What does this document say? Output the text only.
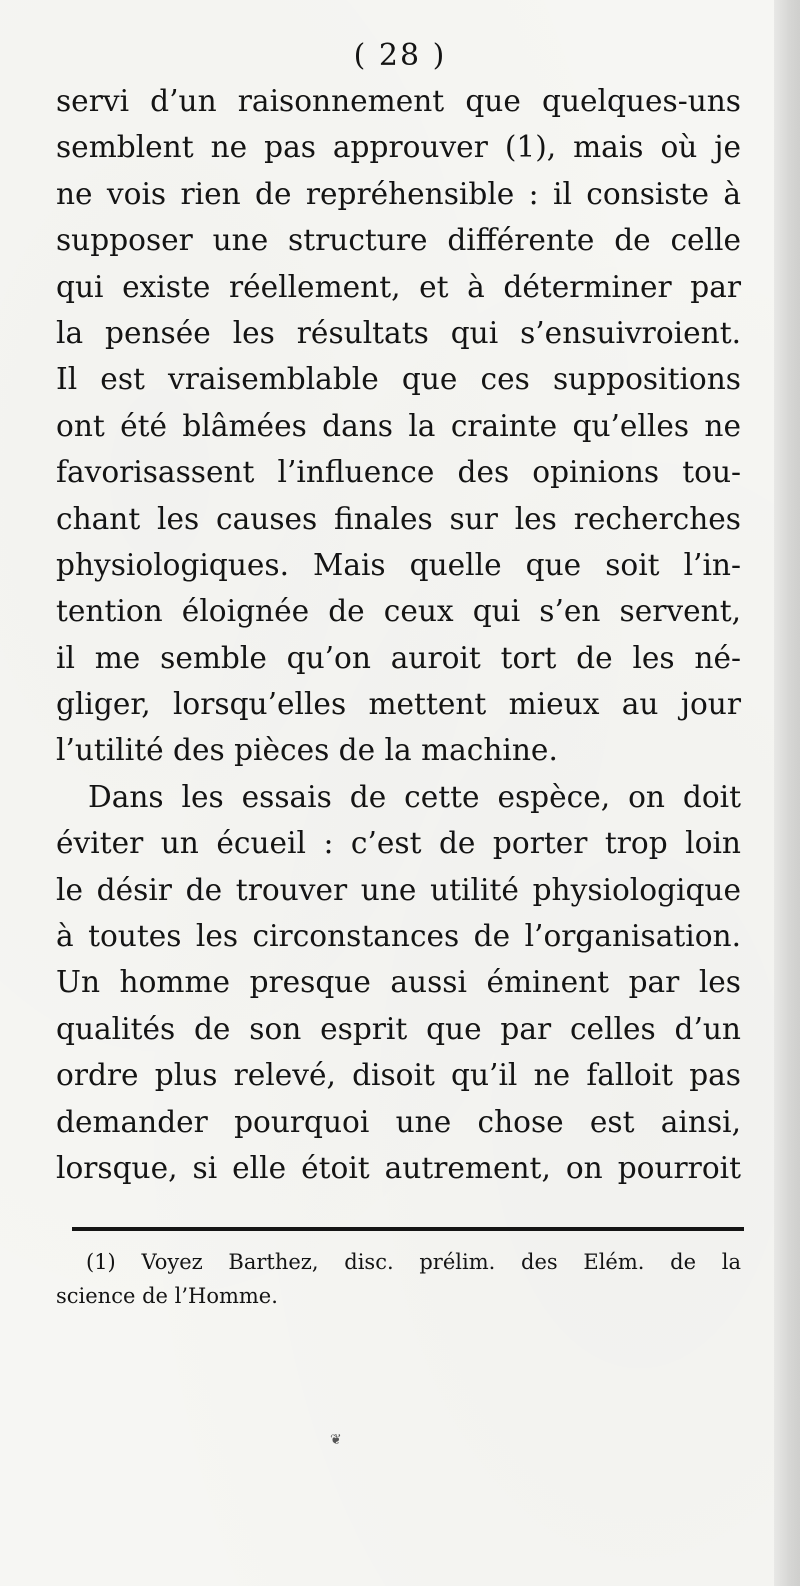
( 28 )
servi d’un raisonnement que quelques-uns
semblent ne pas approuver (1), mais où je
ne vois rien de repréhensible : il consiste à
supposer une structure différente de celle
qui existe réellement, et à déterminer par
la pensée les résultats qui s’ensuivroient.
Il est vraisemblable que ces suppositions
ont été blâmées dans la crainte qu’elles ne
favorisassent l’influence des opinions tou-
chant les causes finales sur les recherches
physiologiques. Mais quelle que soit l’in-
tention éloignée de ceux qui s’en servent,
il me semble qu’on auroit tort de les né-
gliger, lorsqu’elles mettent mieux au jour
l’utilité des pièces de la machine.
Dans les essais de cette espèce, on doit
éviter un écueil : c’est de porter trop loin
le désir de trouver une utilité physiologique
à toutes les circonstances de l’organisation.
Un homme presque aussi éminent par les
qualités de son esprit que par celles d’un
ordre plus relevé, disoit qu’il ne falloit pas
demander pourquoi une chose est ainsi,
lorsque, si elle étoit autrement, on pourroit
(1) Voyez Barthez, disc. prélim. des Elém. de la
science de l’Homme.
❦
